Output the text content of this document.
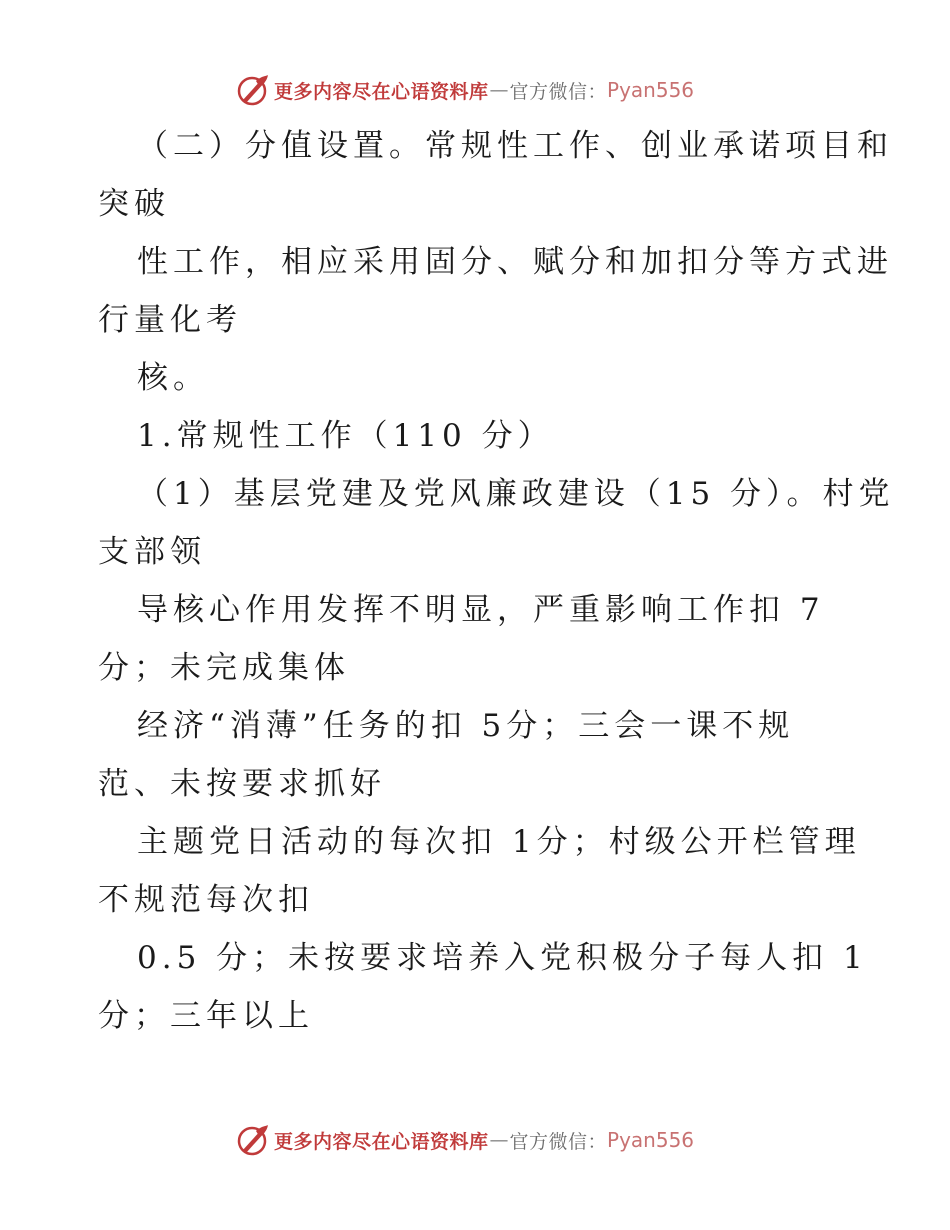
更多内容尽在心语资料库 — 官方微信： Pyan556
（二）分值设置。常规性工作、创业承诺项目和
突破
性工作，相应采用固分、赋分和加扣分等方式进
行量化考
核。
1.常规性工作（110 分）
（1）基层党建及党风廉政建设（15 分）。村党
支部领
导核心作用发挥不明显，严重影响工作扣 7
分；未完成集体
经济“消薄”任务的扣 5分；三会一课不规
范、未按要求抓好
主题党日活动的每次扣 1分；村级公开栏管理
不规范每次扣
0.5 分；未按要求培养入党积极分子每人扣 1
分；三年以上
更多内容尽在心语资料库 — 官方微信： Pyan556
